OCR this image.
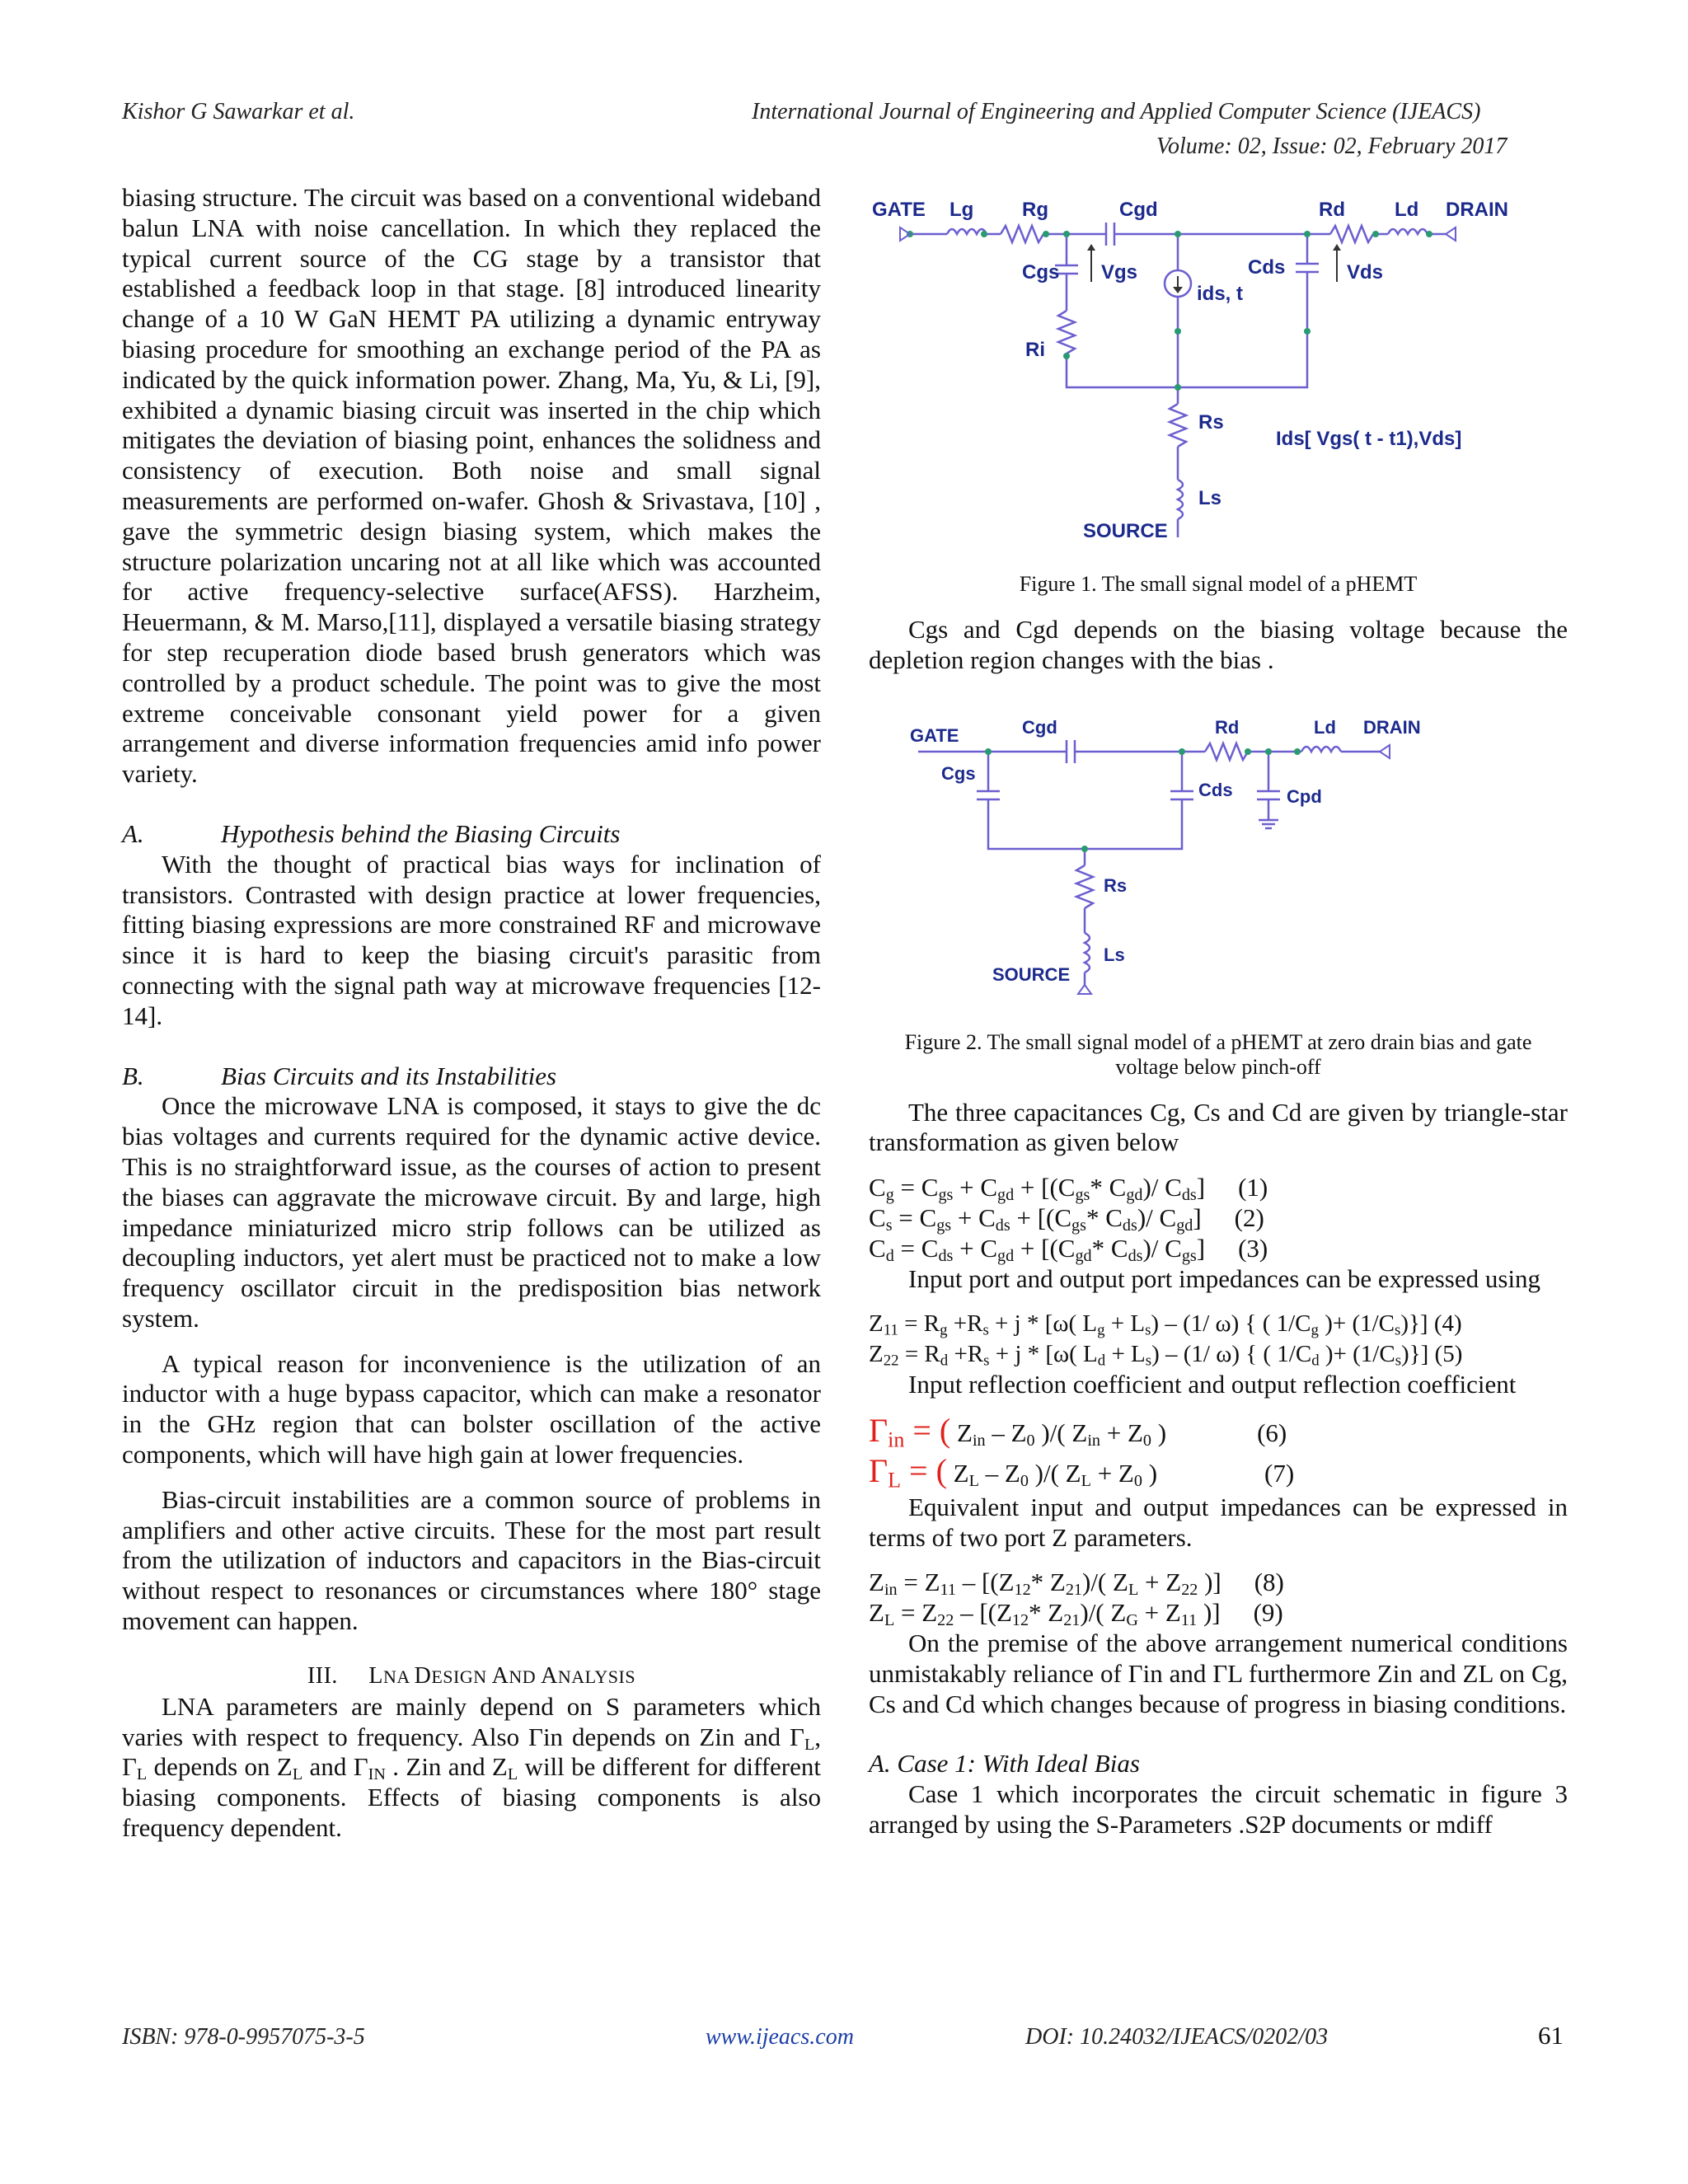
Kishor G Sawarkar et al.	International Journal of Engineering and Applied Computer Science (IJEACS)
Volume: 02, Issue: 02, February 2017

biasing structure. The circuit was based on a conventional wideband balun LNA with noise cancellation. In which they replaced the typical current source of the CG stage by a transistor that established a feedback loop in that stage. [8] introduced linearity change of a 10 W GaN HEMT PA utilizing a dynamic entryway biasing procedure for smoothing an exchange period of the PA as indicated by the quick information power. Zhang, Ma, Yu, & Li, [9], exhibited a dynamic biasing circuit was inserted in the chip which mitigates the deviation of biasing point, enhances the solidness and consistency of execution. Both noise and small signal measurements are performed on-wafer. Ghosh & Srivastava, [10] , gave the symmetric design biasing system, which makes the structure polarization uncaring not at all like which was accounted for active frequency-selective surface(AFSS). Harzheim, Heuermann, & M. Marso,[11], displayed a versatile biasing strategy for step recuperation diode based brush generators which was controlled by a product schedule. The point was to give the most extreme conceivable consonant yield power for a given arrangement and diverse information frequencies amid info power variety.

A.	Hypothesis behind the Biasing Circuits

With the thought of practical bias ways for inclination of transistors. Contrasted with design practice at lower frequencies, fitting biasing expressions are more constrained RF and microwave since it is hard to keep the biasing circuit's parasitic from connecting with the signal path way at microwave frequencies [12-14].

B.	Bias Circuits and its Instabilities

Once the microwave LNA is composed, it stays to give the dc bias voltages and currents required for the dynamic active device. This is no straightforward issue, as the courses of action to present the biases can aggravate the microwave circuit. By and large, high impedance miniaturized micro strip follows can be utilized as decoupling inductors, yet alert must be practiced not to make a low frequency oscillator circuit in the predisposition bias network system.

A typical reason for inconvenience is the utilization of an inductor with a huge bypass capacitor, which can make a resonator in the GHz region that can bolster oscillation of the active components, which will have high gain at lower frequencies.

Bias-circuit instabilities are a common source of problems in amplifiers and other active circuits. These for the most part result from the utilization of inductors and capacitors in the Bias-circuit without respect to resonances or circumstances where 180° stage movement can happen.

III. LNA DESIGN AND ANALYSIS

LNA parameters are mainly depend on S parameters which varies with respect to frequency. Also Γin depends on Zin and $\Gamma_L$, $\Gamma_L$ depends on $Z_L$ and $\Gamma_{IN}$ . Zin and $Z_L$ will be different for different biasing components. Effects of biasing components is also frequency dependent.

GATE Lg Rg	Cgd	Rd	Ld DRAIN
Cgs Vgs
ids, t
Cds	Vds
Ri
Rs
Ls
SOURCE
Ids[ Vgs( t - t1),Vds]

Figure 1. The small signal model of a pHEMT

Cgs and Cgd depends on the biasing voltage because the depletion region changes with the bias .

GATE	Cgd	Rd	Ld DRAIN
Cgs
Cds	Cpd
Rs
Ls
SOURCE

Figure 2. The small signal model of a pHEMT at zero drain bias and gate

voltage below pinch-off

The three capacitances Cg, Cs and Cd are given by triangle-star transformation as given below

$C_g = C_{gs} + C_{gd} + [(C_{gs}*$ $C_{gd})/$ $C_{ds}$] (1)

$C_s = C_{gs} + C_{ds} + [(C_{gs}*$ $C_{ds})/$ $C_{gd}$] (2)

$C_d = C_{ds} + C_{gd} + [(C_{gd}*$ $C_{ds})/$ $C_{gs}$] (3)

Input port and output port impedances can be expressed using

$Z_{11} = R_g +R_s + j * [\omega$( $L_g + L_s) - (1/$ ω) { ( $1/C_g$ )+ $(1/C_s)$}] (4)

$Z_{22} = R_d +R_s + j * [\omega$( $L_d + L_s) - (1/$ ω) { ( $1/C_d$ )+ $(1/C_s)$}] (5)

Input reflection coefficient and output reflection coefficient

$\Gamma_{in}$ = ( $Z_{in} - Z_0$ )/( $Z_{in} + Z_0$ )	(6)

$\Gamma_L$ = ( $Z_L - Z_0$ )/( $Z_L + Z_0$ )	(7)

Equivalent input and output impedances can be expressed in terms of two port Z parameters.

$Z_{in} = Z_{11} - [(Z_{12}*$ $Z_{21})/$( $Z_L + Z_{22}$ )] (8)

$Z_L = Z_{22} - [(Z_{12}*$ $Z_{21})/$( $Z_G + Z_{11}$ )] (9)

On the premise of the above arrangement numerical conditions unmistakably reliance of Γin and ΓL furthermore Zin and ZL on Cg, Cs and Cd which changes because of progress in biasing conditions.

A. Case 1: With Ideal Bias

Case 1 which incorporates the circuit schematic in figure 3 arranged by using the S-Parameters .S2P documents or mdiff

ISBN: 978-0-9957075-3-5	www.ijeacs.com	DOI: 10.24032/IJEACS/0202/03	61
